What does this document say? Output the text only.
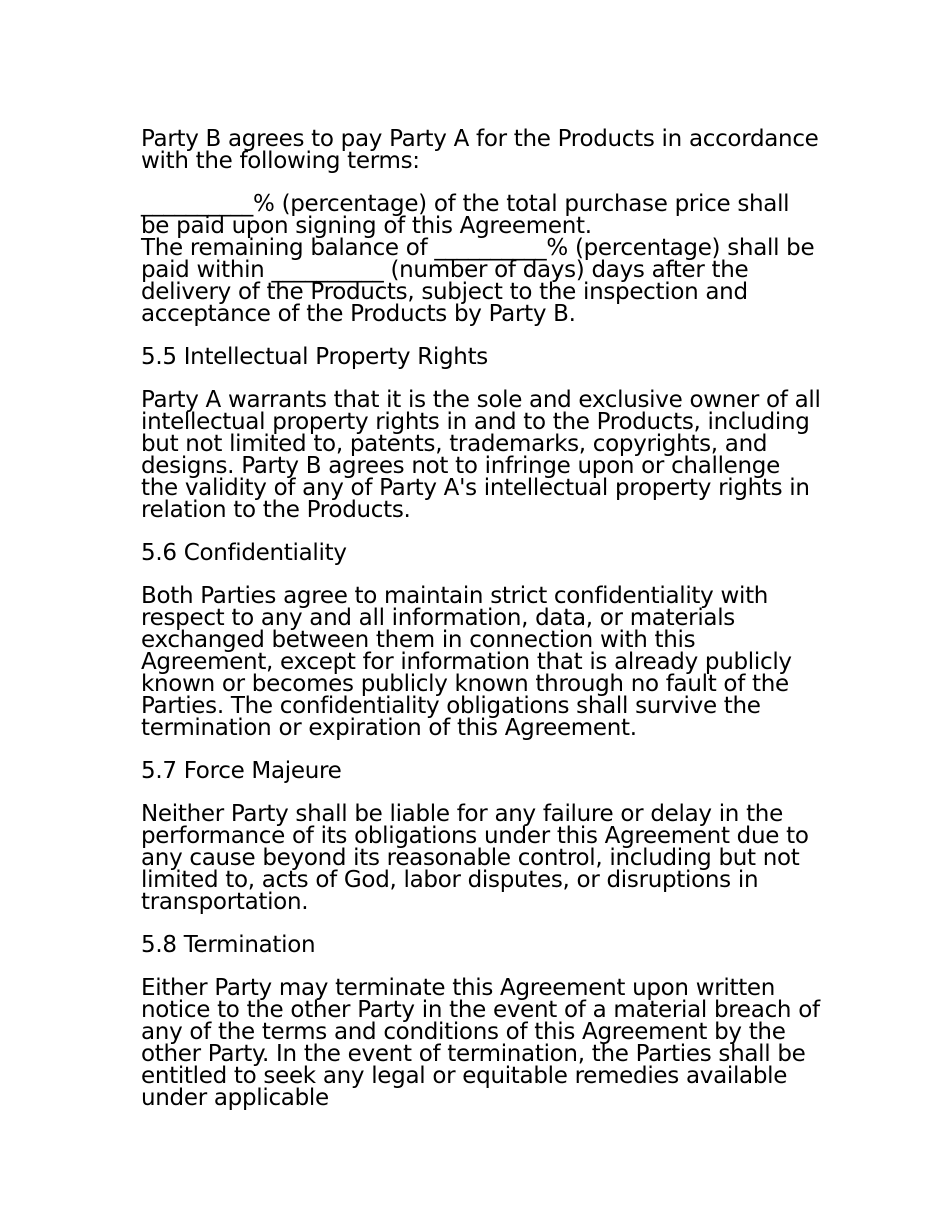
Party B agrees to pay Party A for the Products in accordance with the following terms:

__________% (percentage) of the total purchase price shall be paid upon signing of this Agreement.
The remaining balance of __________% (percentage) shall be paid within __________ (number of days) days after the delivery of the Products, subject to the inspection and acceptance of the Products by Party B.

5.5 Intellectual Property Rights

Party A warrants that it is the sole and exclusive owner of all intellectual property rights in and to the Products, including but not limited to, patents, trademarks, copyrights, and designs. Party B agrees not to infringe upon or challenge the validity of any of Party A's intellectual property rights in relation to the Products.

5.6 Confidentiality

Both Parties agree to maintain strict confidentiality with respect to any and all information, data, or materials exchanged between them in connection with this Agreement, except for information that is already publicly known or becomes publicly known through no fault of the Parties. The confidentiality obligations shall survive the termination or expiration of this Agreement.

5.7 Force Majeure

Neither Party shall be liable for any failure or delay in the performance of its obligations under this Agreement due to any cause beyond its reasonable control, including but not limited to, acts of God, labor disputes, or disruptions in transportation.

5.8 Termination

Either Party may terminate this Agreement upon written notice to the other Party in the event of a material breach of any of the terms and conditions of this Agreement by the other Party. In the event of termination, the Parties shall be entitled to seek any legal or equitable remedies available under applicable
